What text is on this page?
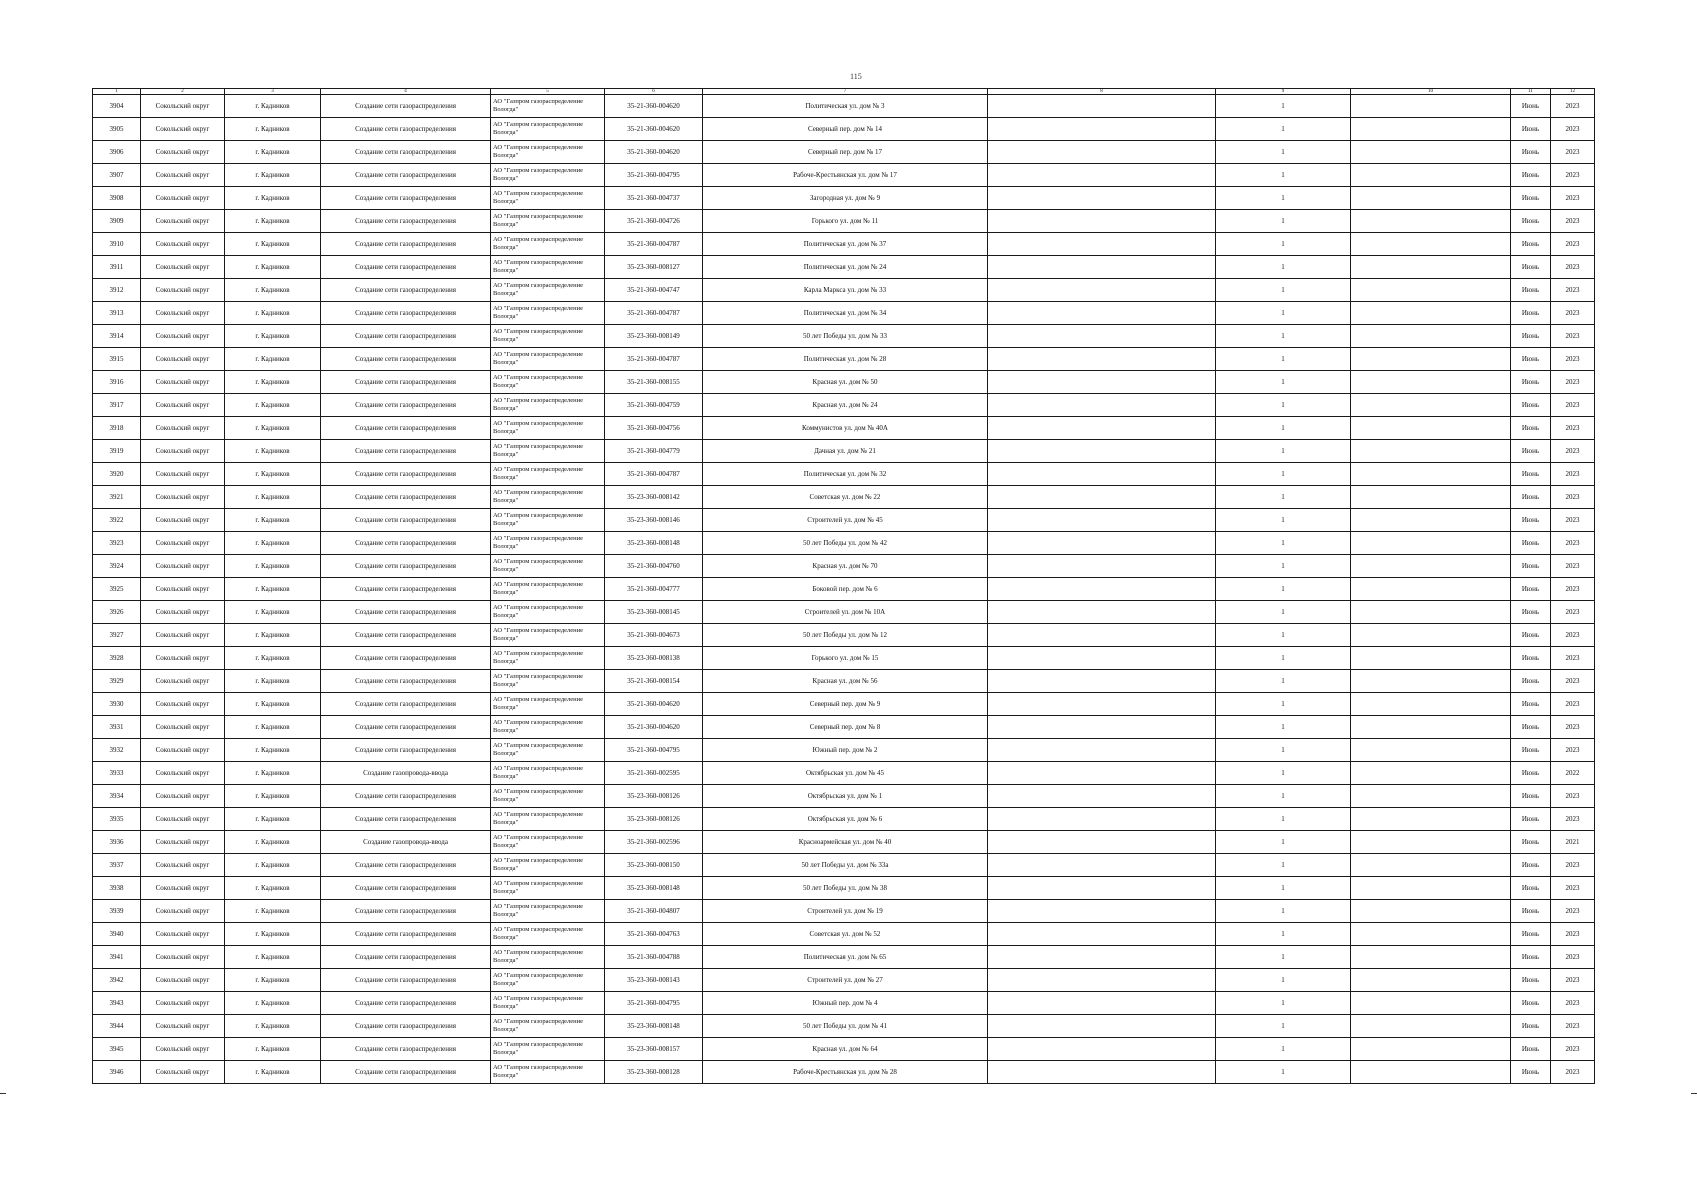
115
1	2	3	4	5	6	7	8	9	10	11	12
3904	Сокольский округ	г. Кадников	Создание сети газораспределения	АО "Газпром газораспределение Вологда"	35-21-360-004620	Политическая ул. дом № 3		1		Июнь	2023
3905	Сокольский округ	г. Кадников	Создание сети газораспределения	АО "Газпром газораспределение Вологда"	35-21-360-004620	Северный пер. дом № 14		1		Июнь	2023
3906	Сокольский округ	г. Кадников	Создание сети газораспределения	АО "Газпром газораспределение Вологда"	35-21-360-004620	Северный пер. дом № 17		1		Июнь	2023
3907	Сокольский округ	г. Кадников	Создание сети газораспределения	АО "Газпром газораспределение Вологда"	35-21-360-004795	Рабоче-Крестьянская ул. дом № 17		1		Июнь	2023
3908	Сокольский округ	г. Кадников	Создание сети газораспределения	АО "Газпром газораспределение Вологда"	35-21-360-004737	Загородная ул. дом № 9		1		Июнь	2023
3909	Сокольский округ	г. Кадников	Создание сети газораспределения	АО "Газпром газораспределение Вологда"	35-21-360-004726	Горького ул. дом № 11		1		Июнь	2023
3910	Сокольский округ	г. Кадников	Создание сети газораспределения	АО "Газпром газораспределение Вологда"	35-21-360-004787	Политическая ул. дом № 37		1		Июнь	2023
3911	Сокольский округ	г. Кадников	Создание сети газораспределения	АО "Газпром газораспределение Вологда"	35-23-360-008127	Политическая ул. дом № 24		1		Июнь	2023
3912	Сокольский округ	г. Кадников	Создание сети газораспределения	АО "Газпром газораспределение Вологда"	35-21-360-004747	Карла Маркса ул. дом № 33		1		Июнь	2023
3913	Сокольский округ	г. Кадников	Создание сети газораспределения	АО "Газпром газораспределение Вологда"	35-21-360-004787	Политическая ул. дом № 34		1		Июнь	2023
3914	Сокольский округ	г. Кадников	Создание сети газораспределения	АО "Газпром газораспределение Вологда"	35-23-360-008149	50 лет Победы ул. дом № 33		1		Июнь	2023
3915	Сокольский округ	г. Кадников	Создание сети газораспределения	АО "Газпром газораспределение Вологда"	35-21-360-004787	Политическая ул. дом № 28		1		Июнь	2023
3916	Сокольский округ	г. Кадников	Создание сети газораспределения	АО "Газпром газораспределение Вологда"	35-21-360-008155	Красная ул. дом № 50		1		Июнь	2023
3917	Сокольский округ	г. Кадников	Создание сети газораспределения	АО "Газпром газораспределение Вологда"	35-21-360-004759	Красная ул. дом № 24		1		Июнь	2023
3918	Сокольский округ	г. Кадников	Создание сети газораспределения	АО "Газпром газораспределение Вологда"	35-21-360-004756	Коммунистов ул. дом № 40А		1		Июнь	2023
3919	Сокольский округ	г. Кадников	Создание сети газораспределения	АО "Газпром газораспределение Вологда"	35-21-360-004779	Дачная ул. дом № 21		1		Июнь	2023
3920	Сокольский округ	г. Кадников	Создание сети газораспределения	АО "Газпром газораспределение Вологда"	35-21-360-004787	Политическая ул. дом № 32		1		Июнь	2023
3921	Сокольский округ	г. Кадников	Создание сети газораспределения	АО "Газпром газораспределение Вологда"	35-23-360-008142	Советская ул. дом № 22		1		Июнь	2023
3922	Сокольский округ	г. Кадников	Создание сети газораспределения	АО "Газпром газораспределение Вологда"	35-23-360-008146	Строителей ул. дом № 45		1		Июнь	2023
3923	Сокольский округ	г. Кадников	Создание сети газораспределения	АО "Газпром газораспределение Вологда"	35-23-360-008148	50 лет Победы ул. дом № 42		1		Июнь	2023
3924	Сокольский округ	г. Кадников	Создание сети газораспределения	АО "Газпром газораспределение Вологда"	35-21-360-004760	Красная ул. дом № 70		1		Июнь	2023
3925	Сокольский округ	г. Кадников	Создание сети газораспределения	АО "Газпром газораспределение Вологда"	35-21-360-004777	Боковой пер. дом № 6		1		Июнь	2023
3926	Сокольский округ	г. Кадников	Создание сети газораспределения	АО "Газпром газораспределение Вологда"	35-23-360-008145	Строителей ул. дом № 10А		1		Июнь	2023
3927	Сокольский округ	г. Кадников	Создание сети газораспределения	АО "Газпром газораспределение Вологда"	35-21-360-004673	50 лет Победы ул. дом № 12		1		Июнь	2023
3928	Сокольский округ	г. Кадников	Создание сети газораспределения	АО "Газпром газораспределение Вологда"	35-23-360-008138	Горького ул. дом № 15		1		Июнь	2023
3929	Сокольский округ	г. Кадников	Создание сети газораспределения	АО "Газпром газораспределение Вологда"	35-21-360-008154	Красная ул. дом № 56		1		Июнь	2023
3930	Сокольский округ	г. Кадников	Создание сети газораспределения	АО "Газпром газораспределение Вологда"	35-21-360-004620	Северный пер. дом № 9		1		Июнь	2023
3931	Сокольский округ	г. Кадников	Создание сети газораспределения	АО "Газпром газораспределение Вологда"	35-21-360-004620	Северный пер. дом № 8		1		Июнь	2023
3932	Сокольский округ	г. Кадников	Создание сети газораспределения	АО "Газпром газораспределение Вологда"	35-21-360-004795	Южный пер. дом № 2		1		Июнь	2023
3933	Сокольский округ	г. Кадников	Создание газопровода-ввода	АО "Газпром газораспределение Вологда"	35-21-360-002595	Октябрьская ул. дом № 45		1		Июнь	2022
3934	Сокольский округ	г. Кадников	Создание сети газораспределения	АО "Газпром газораспределение Вологда"	35-23-360-008126	Октябрьская ул. дом № 1		1		Июнь	2023
3935	Сокольский округ	г. Кадников	Создание сети газораспределения	АО "Газпром газораспределение Вологда"	35-23-360-008126	Октябрьская ул. дом № 6		1		Июнь	2023
3936	Сокольский округ	г. Кадников	Создание газопровода-ввода	АО "Газпром газораспределение Вологда"	35-21-360-002596	Красноармейская ул. дом № 40		1		Июнь	2021
3937	Сокольский округ	г. Кадников	Создание сети газораспределения	АО "Газпром газораспределение Вологда"	35-23-360-008150	50 лет Победы ул. дом № 33а		1		Июнь	2023
3938	Сокольский округ	г. Кадников	Создание сети газораспределения	АО "Газпром газораспределение Вологда"	35-23-360-008148	50 лет Победы ул. дом № 38		1		Июнь	2023
3939	Сокольский округ	г. Кадников	Создание сети газораспределения	АО "Газпром газораспределение Вологда"	35-21-360-004807	Строителей ул. дом № 19		1		Июнь	2023
3940	Сокольский округ	г. Кадников	Создание сети газораспределения	АО "Газпром газораспределение Вологда"	35-21-360-004763	Советская ул. дом № 52		1		Июнь	2023
3941	Сокольский округ	г. Кадников	Создание сети газораспределения	АО "Газпром газораспределение Вологда"	35-21-360-004788	Политическая ул. дом № 65		1		Июнь	2023
3942	Сокольский округ	г. Кадников	Создание сети газораспределения	АО "Газпром газораспределение Вологда"	35-23-360-008143	Строителей ул. дом № 27		1		Июнь	2023
3943	Сокольский округ	г. Кадников	Создание сети газораспределения	АО "Газпром газораспределение Вологда"	35-21-360-004795	Южный пер. дом № 4		1		Июнь	2023
3944	Сокольский округ	г. Кадников	Создание сети газораспределения	АО "Газпром газораспределение Вологда"	35-23-360-008148	50 лет Победы ул. дом № 41		1		Июнь	2023
3945	Сокольский округ	г. Кадников	Создание сети газораспределения	АО "Газпром газораспределение Вологда"	35-23-360-008157	Красная ул. дом № 64		1		Июнь	2023
3946	Сокольский округ	г. Кадников	Создание сети газораспределения	АО "Газпром газораспределение Вологда"	35-23-360-008128	Рабоче-Крестьянская ул. дом № 28		1		Июнь	2023
